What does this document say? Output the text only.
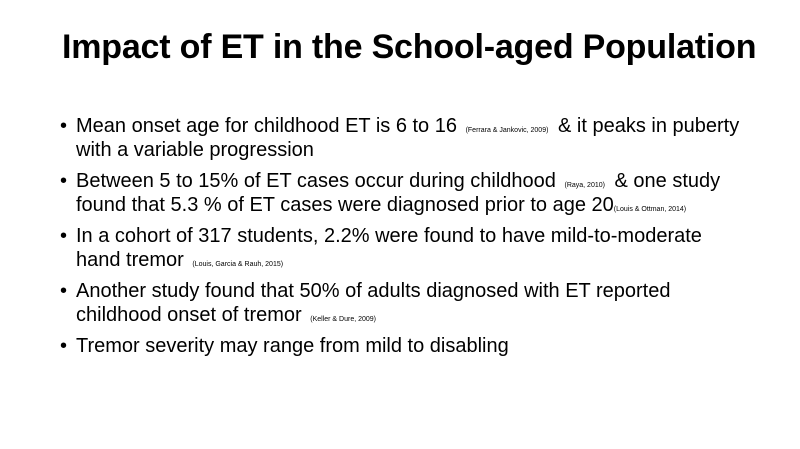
Impact of ET in the School-aged Population
• Mean onset age for childhood ET is 6 to 16 (Ferrara & Jankovic, 2009) & it peaks in puberty with a variable progression
• Between 5 to 15% of ET cases occur during childhood (Raya, 2010) & one study found that 5.3 % of ET cases were diagnosed prior to age 20(Louis & Ottman, 2014)
• In a cohort of 317 students, 2.2% were found to have mild-to-moderate hand tremor (Louis, Garcia & Rauh, 2015)
• Another study found that 50% of adults diagnosed with ET reported childhood onset of tremor (Keller & Dure, 2009)
• Tremor severity may range from mild to disabling
